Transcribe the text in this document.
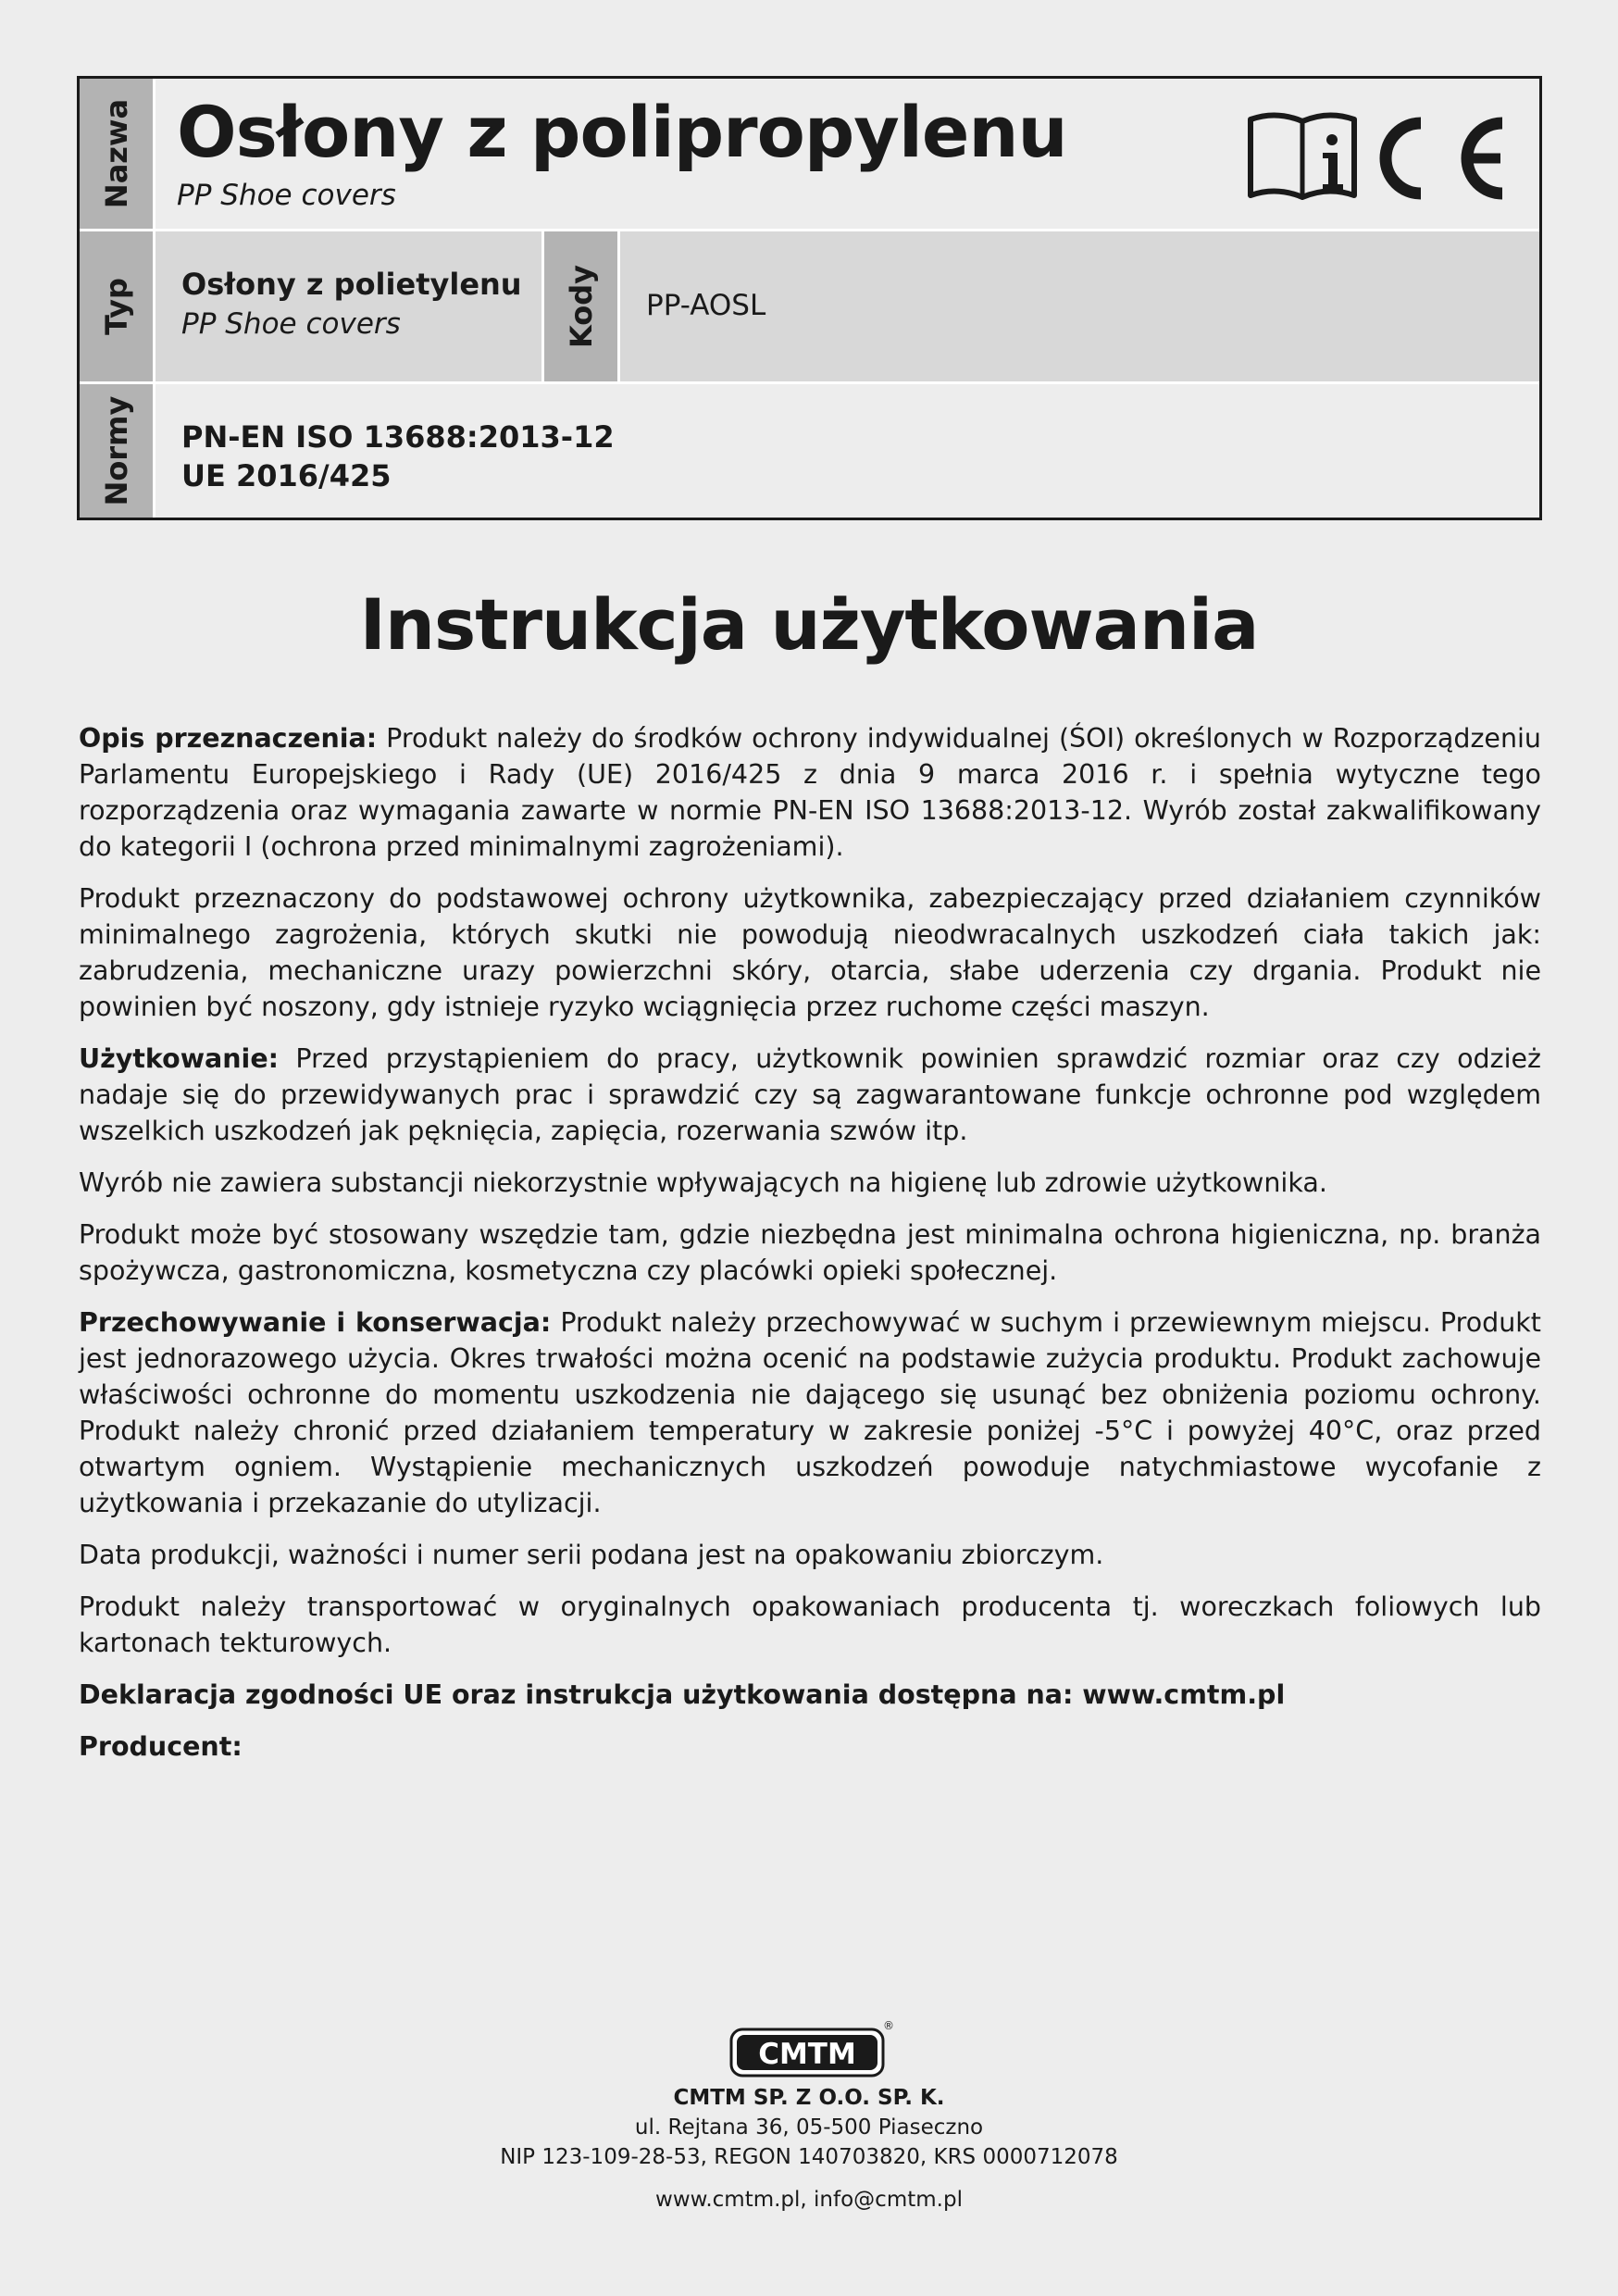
Nazwa Osłony z polipropylenu
PP Shoe covers
Typ Osłony z polietylenu
PP Shoe covers	Kody PP-AOSL
Normy PN-EN ISO 13688:2013-12
UE 2016/425
Instrukcja użytkowania

Opis przeznaczenia: Produkt należy do środków ochrony indywidualnej (ŚOI) określonych w Rozporządzeniu Parlamentu Europejskiego i Rady (UE) 2016/425 z dnia 9 marca 2016 r. i spełnia wytyczne tego rozporządzenia oraz wymagania zawarte w normie PN-EN ISO 13688:2013-12. Wyrób został zakwalifikowany do kategorii I (ochrona przed minimalnymi zagrożeniami).

Produkt przeznaczony do podstawowej ochrony użytkownika, zabezpieczający przed działaniem czynników minimalnego zagrożenia, których skutki nie powodują nieodwracalnych uszkodzeń ciała takich jak: zabrudzenia, mechaniczne urazy powierzchni skóry, otarcia, słabe uderzenia czy drgania. Produkt nie powinien być noszony, gdy istnieje ryzyko wciągnięcia przez ruchome części maszyn.

Użytkowanie: Przed przystąpieniem do pracy, użytkownik powinien sprawdzić rozmiar oraz czy odzież nadaje się do przewidywanych prac i sprawdzić czy są zagwarantowane funkcje ochronne pod względem wszelkich uszkodzeń jak pęknięcia, zapięcia, rozerwania szwów itp.

Wyrób nie zawiera substancji niekorzystnie wpływających na higienę lub zdrowie użytkownika.

Produkt może być stosowany wszędzie tam, gdzie niezbędna jest minimalna ochrona higieniczna, np. branża spożywcza, gastronomiczna, kosmetyczna czy placówki opieki społecznej.

Przechowywanie i konserwacja: Produkt należy przechowywać w suchym i przewiewnym miejscu. Produkt jest jednorazowego użycia. Okres trwałości można ocenić na podstawie zużycia produktu. Produkt zachowuje właściwości ochronne do momentu uszkodzenia nie dającego się usunąć bez obniżenia poziomu ochrony. Produkt należy chronić przed działaniem temperatury w zakresie poniżej -5°C i powyżej 40°C, oraz przed otwartym ogniem. Wystąpienie mechanicznych uszkodzeń powoduje natychmiastowe wycofanie z użytkowania i przekazanie do utylizacji.

Data produkcji, ważności i numer serii podana jest na opakowaniu zbiorczym.

Produkt należy transportować w oryginalnych opakowaniach producenta tj. woreczkach foliowych lub kartonach tekturowych.

Deklaracja zgodności UE oraz instrukcja użytkowania dostępna na: www.cmtm.pl

Producent:

CMTM
®
CMTM SP. Z O.O. SP. K.
ul. Rejtana 36, 05-500 Piaseczno
NIP 123-109-28-53, REGON 140703820, KRS 0000712078
www.cmtm.pl, info@cmtm.pl
